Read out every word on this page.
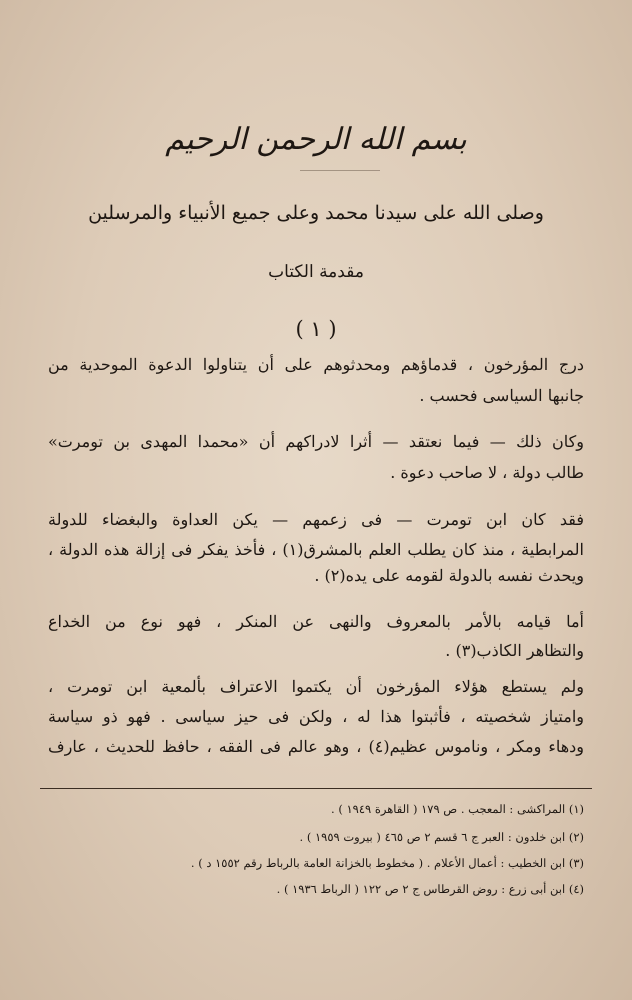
بسم الله الرحمن الرحيم
وصلى الله على سيدنا محمد وعلى جميع الأنبياء والمرسلين
مقدمة الكتاب
( ١ )
درج المؤرخون ، قدماؤهم ومحدثوهم على أن يتناولوا الدعوة الموحدية من
جانبها السياسى فحسب .
وكان ذلك — فيما نعتقد — أثرا لادراكهم أن «محمدا المهدى بن تومرت»
طالب دولة ، لا صاحب دعوة .
فقد كان ابن تومرت — فى زعمهم — يكن العداوة والبغضاء للدولة
المرابطية ، منذ كان يطلب العلم بالمشرق(١) ، فأخذ يفكر فى إزالة هذه الدولة ،
ويحدث نفسه بالدولة لقومه على يده(٢) .
أما قيامه بالأمر بالمعروف والنهى عن المنكر ، فهو نوع من الخداع
والتظاهر الكاذب(٣) .
ولم يستطع هؤلاء المؤرخون أن يكتموا الاعتراف بألمعية ابن تومرت ،
وامتياز شخصيته ، فأثبتوا هذا له ، ولكن فى حيز سياسى . فهو ذو سياسة
ودهاء ومكر ، وناموس عظيم(٤) ، وهو عالم فى الفقه ، حافظ للحديث ، عارف
(١) المراكشى : المعجب . ص ١٧٩ ( القاهرة ١٩٤٩ ) .
(٢) ابن خلدون : العبر ج ٦ قسم ٢ ص ٤٦٥ ( بيروت ١٩٥٩ ) .
(٣) ابن الخطيب : أعمال الأعلام . ( مخطوط بالخزانة العامة بالرباط رقم ١٥٥٢ د ) .
(٤) ابن أبى زرع : روض القرطاس ج ٢ ص ١٢٢ ( الرباط ١٩٣٦ ) .
